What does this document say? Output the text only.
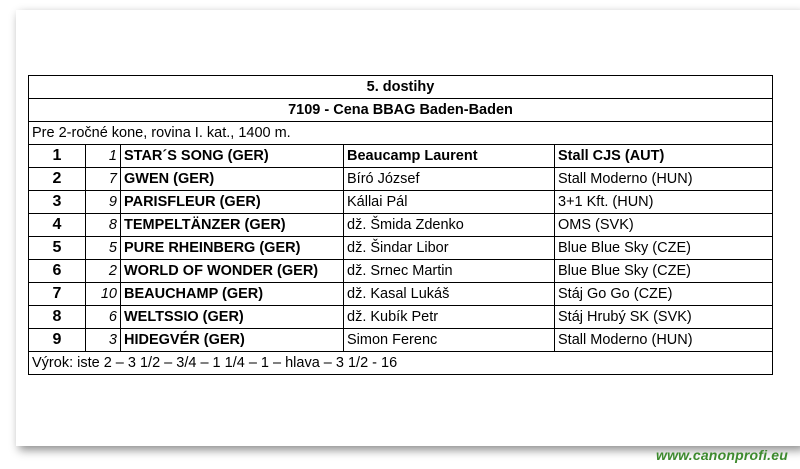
5. dostihy				
7109 - Cena BBAG Baden-Baden				
Pre 2-ročné kone, rovina I. kat., 1400 m.				
1	1	STAR´S SONG (GER)	Beaucamp Laurent	Stall CJS (AUT)
2	7	GWEN (GER)	Bíró József	Stall Moderno (HUN)
3	9	PARISFLEUR (GER)	Kállai Pál	3+1 Kft. (HUN)
4	8	TEMPELTÄNZER (GER)	dž. Šmida Zdenko	OMS (SVK)
5	5	PURE RHEINBERG (GER)	dž. Šindar Libor	Blue Blue Sky (CZE)
6	2	WORLD OF WONDER (GER)	dž. Srnec Martin	Blue Blue Sky (CZE)
7	10	BEAUCHAMP (GER)	dž. Kasal Lukáš	Stáj Go Go (CZE)
8	6	WELTSSIO (GER)	dž. Kubík Petr	Stáj Hrubý SK (SVK)
9	3	HIDEGVÉR (GER)	Simon Ferenc	Stall Moderno (HUN)
Výrok: iste 2 – 3 1/2 – 3/4 – 1 1/4 – 1 – hlava – 3 1/2 - 16				
www.canonprofi.eu
